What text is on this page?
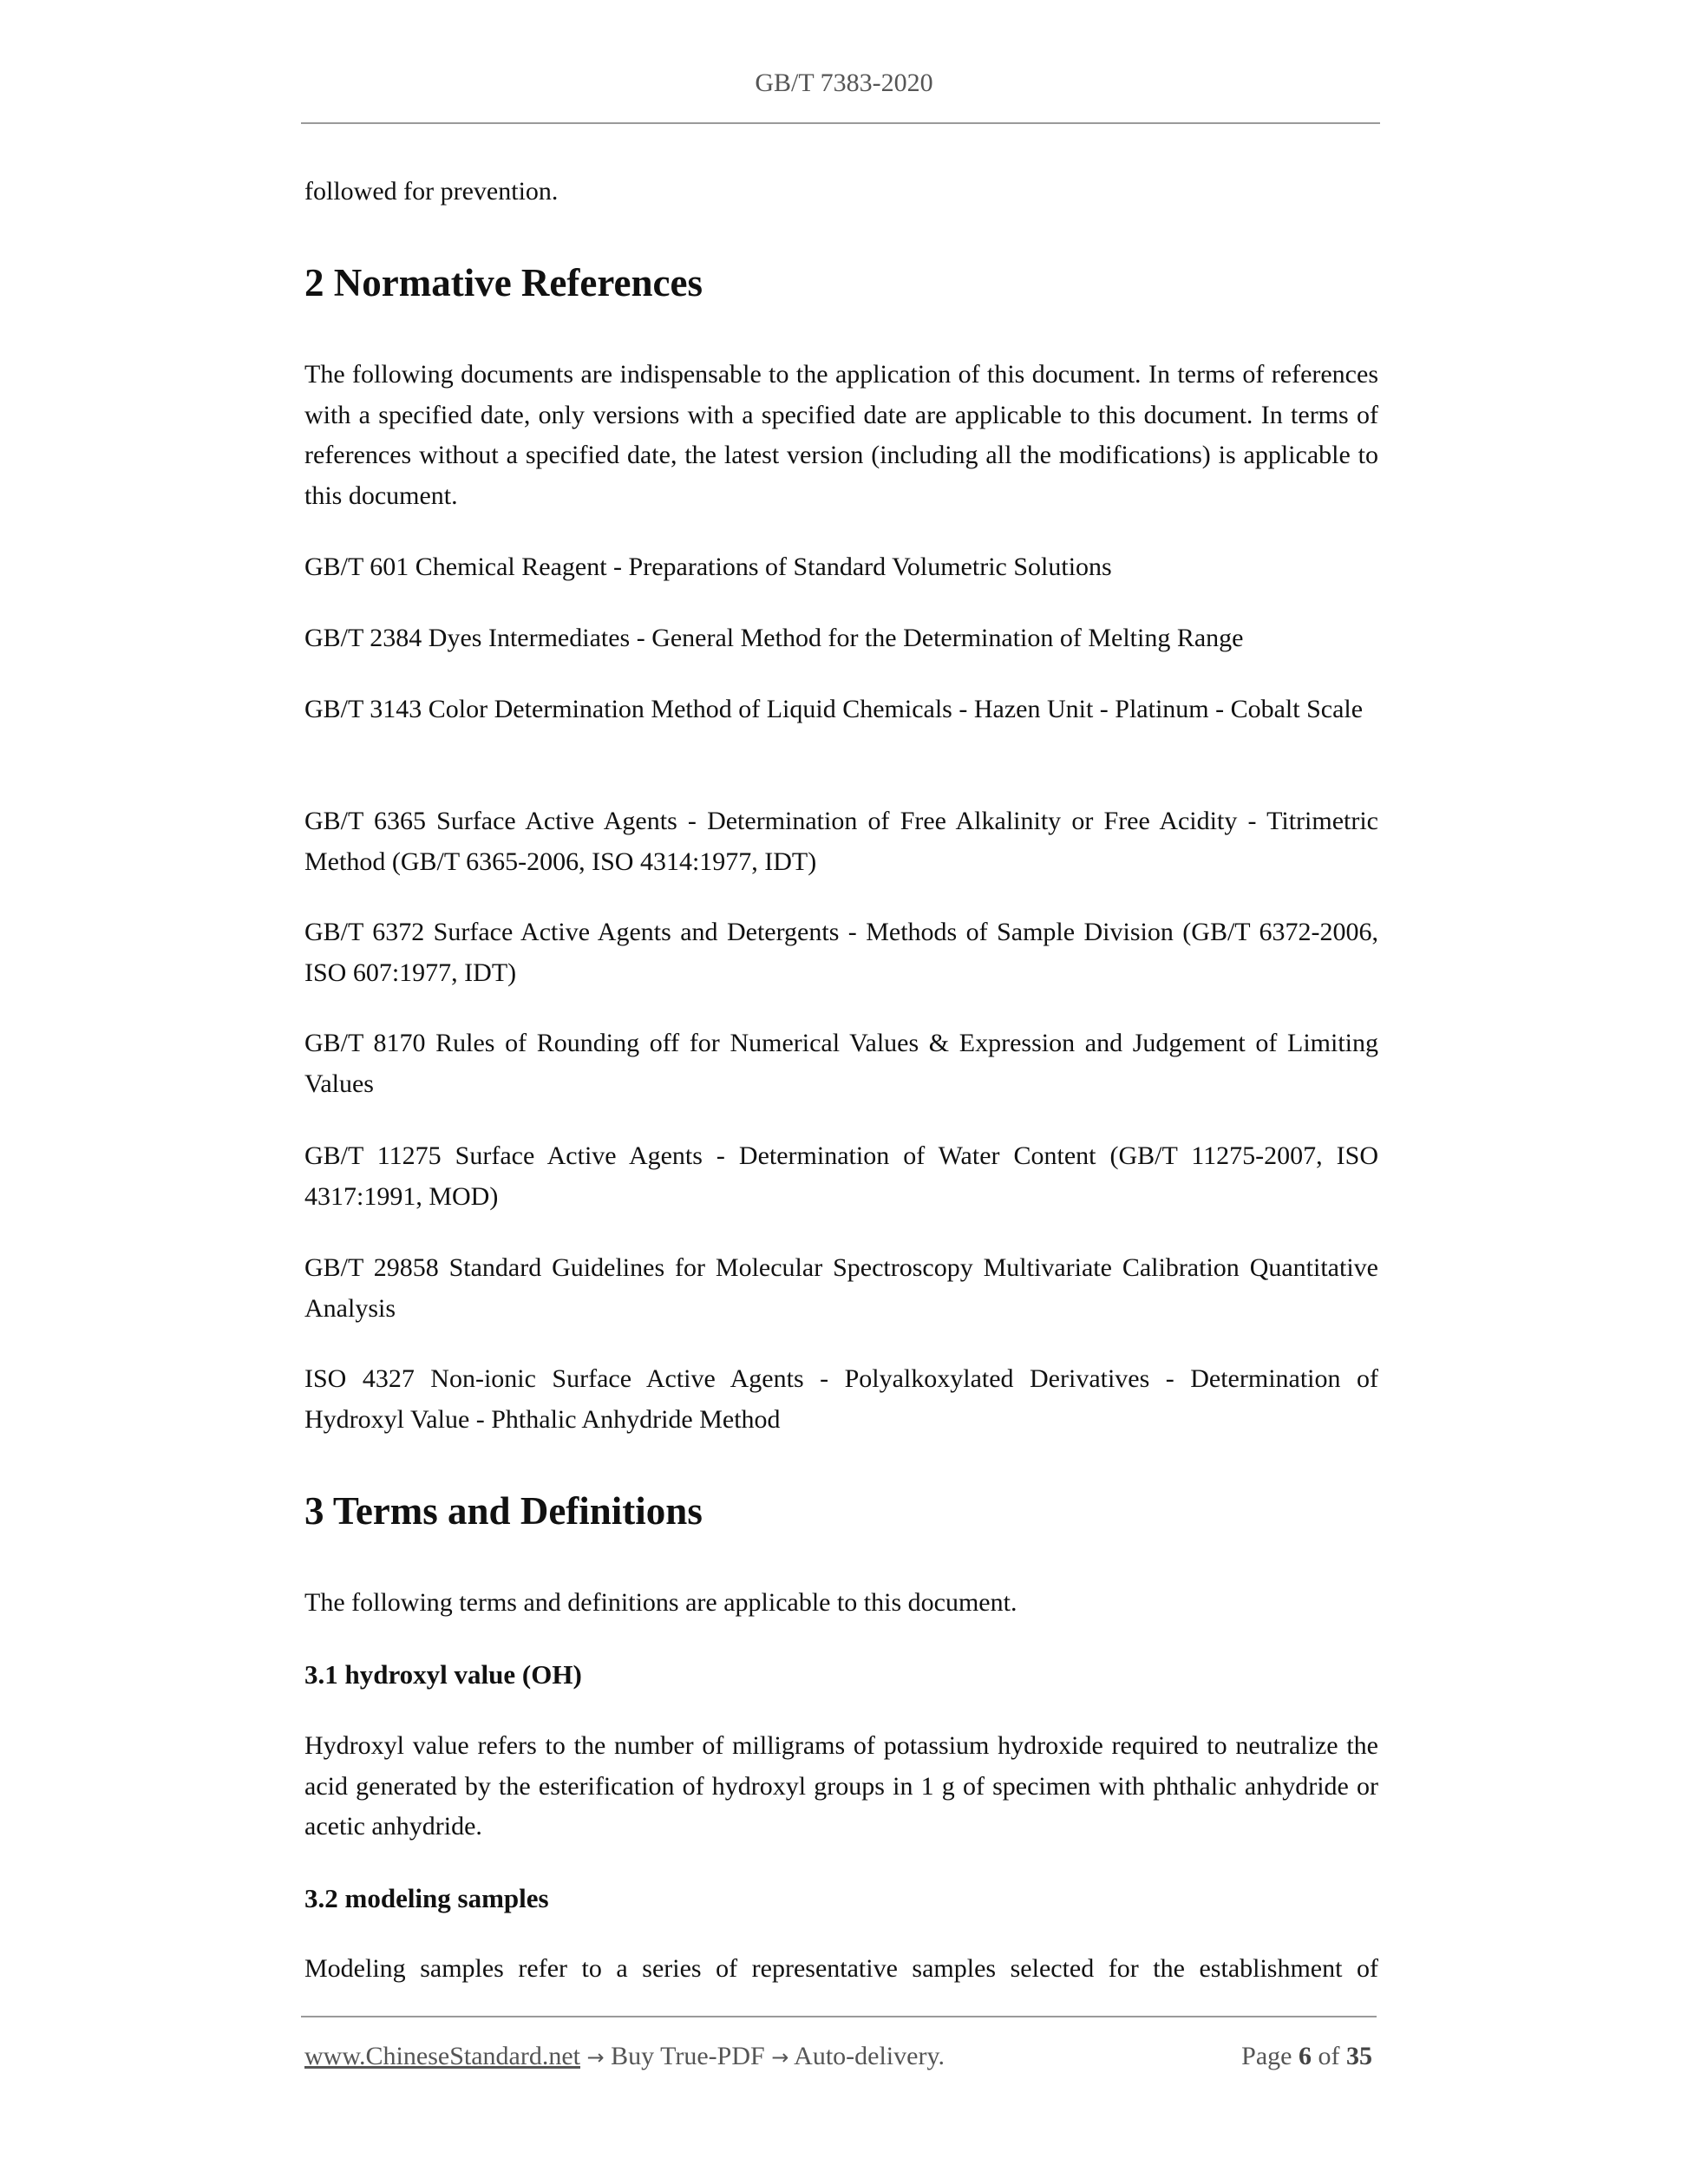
GB/T 7383-2020

followed for prevention.

2 Normative References

The following documents are indispensable to the application of this document. In terms of references with a specified date, only versions with a specified date are applicable to this document. In terms of references without a specified date, the latest version (including all the modifications) is applicable to this document.

GB/T 601 Chemical Reagent - Preparations of Standard Volumetric Solutions

GB/T 2384 Dyes Intermediates - General Method for the Determination of Melting Range

GB/T 3143 Color Determination Method of Liquid Chemicals - Hazen Unit - Platinum - Cobalt Scale

GB/T 6365 Surface Active Agents - Determination of Free Alkalinity or Free Acidity - Titrimetric Method (GB/T 6365-2006, ISO 4314:1977, IDT)

GB/T 6372 Surface Active Agents and Detergents - Methods of Sample Division (GB/T 6372-2006, ISO 607:1977, IDT)

GB/T 8170 Rules of Rounding off for Numerical Values & Expression and Judgement of Limiting Values

GB/T 11275 Surface Active Agents - Determination of Water Content (GB/T 11275-2007, ISO 4317:1991, MOD)

GB/T 29858 Standard Guidelines for Molecular Spectroscopy Multivariate Calibration Quantitative Analysis

ISO 4327 Non-ionic Surface Active Agents - Polyalkoxylated Derivatives - Determination of Hydroxyl Value - Phthalic Anhydride Method

3 Terms and Definitions

The following terms and definitions are applicable to this document.

3.1 hydroxyl value (OH)

Hydroxyl value refers to the number of milligrams of potassium hydroxide required to neutralize the acid generated by the esterification of hydroxyl groups in 1 g of specimen with phthalic anhydride or acetic anhydride.

3.2 modeling samples

Modeling samples refer to a series of representative samples selected for the establishment of

www.ChineseStandard.net → Buy True-PDF → Auto-delivery.	Page 6 of 35
